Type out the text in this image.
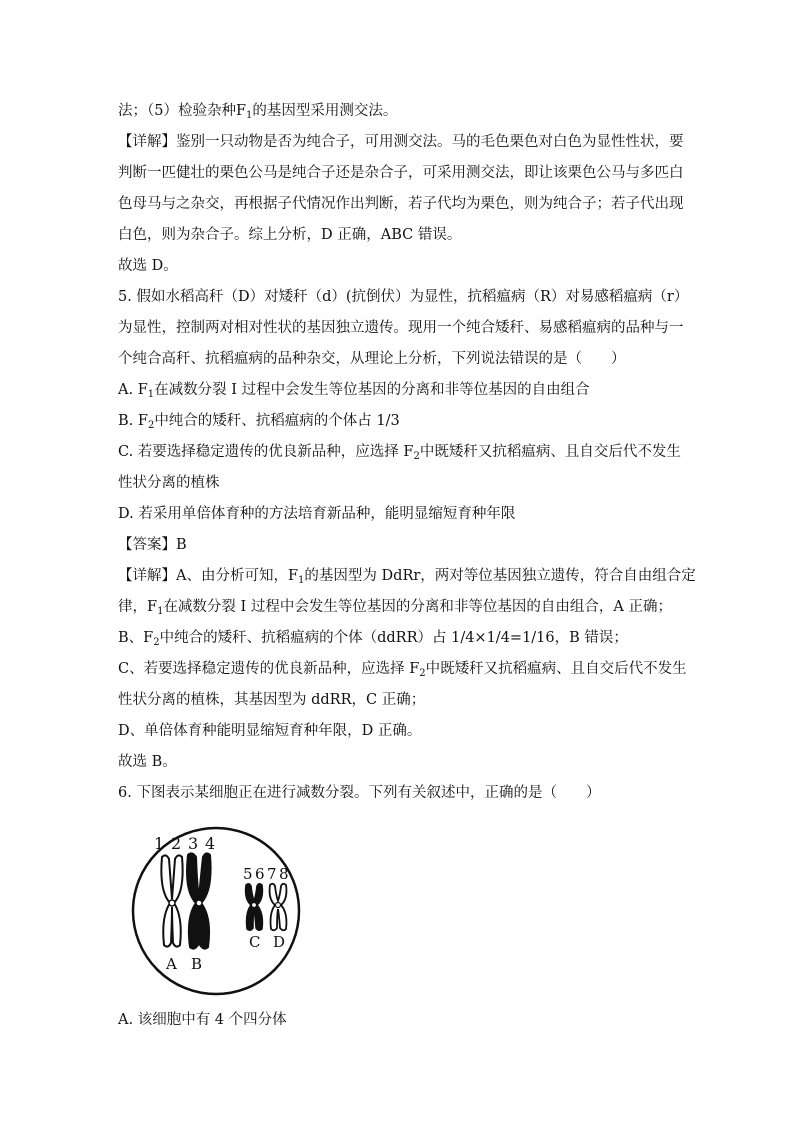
法；（5）检验杂种$F_1$的基因型采用测交法。
【详解】鉴别一只动物是否为纯合子，可用测交法。马的毛色栗色对白色为显性性状，要
判断一匹健壮的栗色公马是纯合子还是杂合子，可采用测交法，即让该栗色公马与多匹白
色母马与之杂交，再根据子代情况作出判断，若子代均为栗色，则为纯合子；若子代出现
白色，则为杂合子。综上分析，D 正确，ABC 错误。
故选 D。
5. 假如水稻高秆（D）对矮秆（d）(抗倒伏）为显性，抗稻瘟病（R）对易感稻瘟病（r）
为显性，控制两对相对性状的基因独立遗传。现用一个纯合矮秆、易感稻瘟病的品种与一
个纯合高秆、抗稻瘟病的品种杂交，从理论上分析，下列说法错误的是（　　）
A. $F_1$在减数分裂 I 过程中会发生等位基因的分离和非等位基因的自由组合
B. $F_2$中纯合的矮秆、抗稻瘟病的个体占 1/3
C. 若要选择稳定遗传的优良新品种，应选择 $F_2$中既矮秆又抗稻瘟病、且自交后代不发生
性状分离的植株
D. 若采用单倍体育种的方法培育新品种，能明显缩短育种年限
【答案】B
【详解】A、由分析可知，$F_1$的基因型为 DdRr，两对等位基因独立遗传，符合自由组合定
律，$F_1$在减数分裂 I 过程中会发生等位基因的分离和非等位基因的自由组合，A 正确；
B、$F_2$中纯合的矮秆、抗稻瘟病的个体（ddRR）占 1/4×1/4=1/16，B 错误；
C、若要选择稳定遗传的优良新品种，应选择 $F_2$中既矮秆又抗稻瘟病、且自交后代不发生
性状分离的植株，其基因型为 ddRR，C 正确；
D、单倍体育种能明显缩短育种年限，D 正确。
故选 B。
6. 下图表示某细胞正在进行减数分裂。下列有关叙述中，正确的是（　　）
1 2 3 4
5 6 7 8
A B
C D
A. 该细胞中有 4 个四分体
